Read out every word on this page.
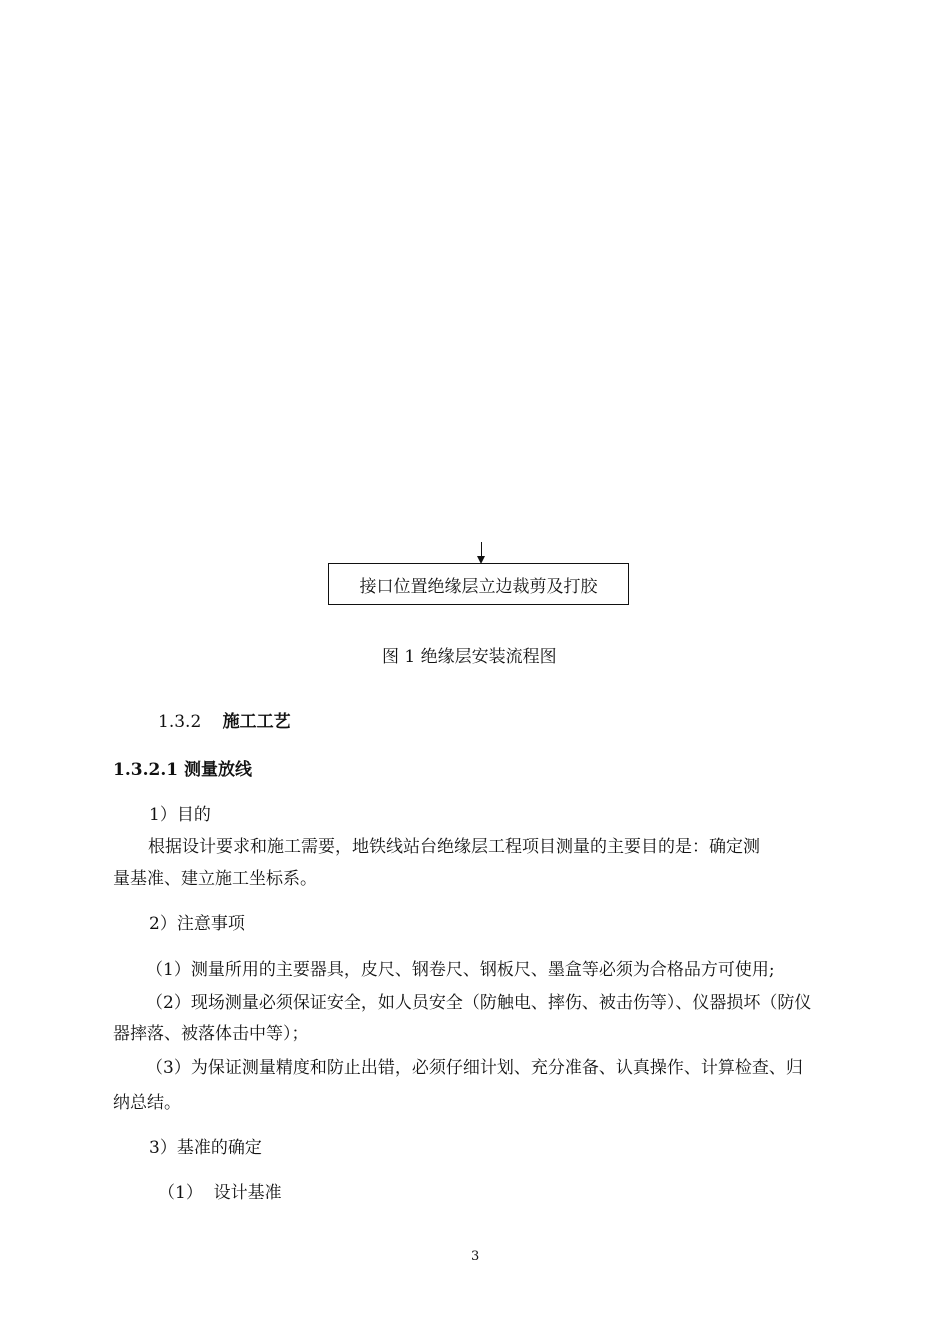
接口位置绝缘层立边裁剪及打胶
图 1 绝缘层安装流程图
1.3.2 施工工艺
1.3.2.1 测量放线
1）目的
根据设计要求和施工需要，地铁线站台绝缘层工程项目测量的主要目的是：确定测
量基准、建立施工坐标系。
2）注意事项
（1）测量所用的主要器具，皮尺、钢卷尺、钢板尺、墨盒等必须为合格品方可使用;
（2）现场测量必须保证安全，如人员安全（防触电、摔伤、被击伤等）、仪器损坏（防仪
器摔落、被落体击中等）；
（3）为保证测量精度和防止出错，必须仔细计划、充分准备、认真操作、计算检查、归
纳总结。
3）基准的确定
（1）  设计基准
3
